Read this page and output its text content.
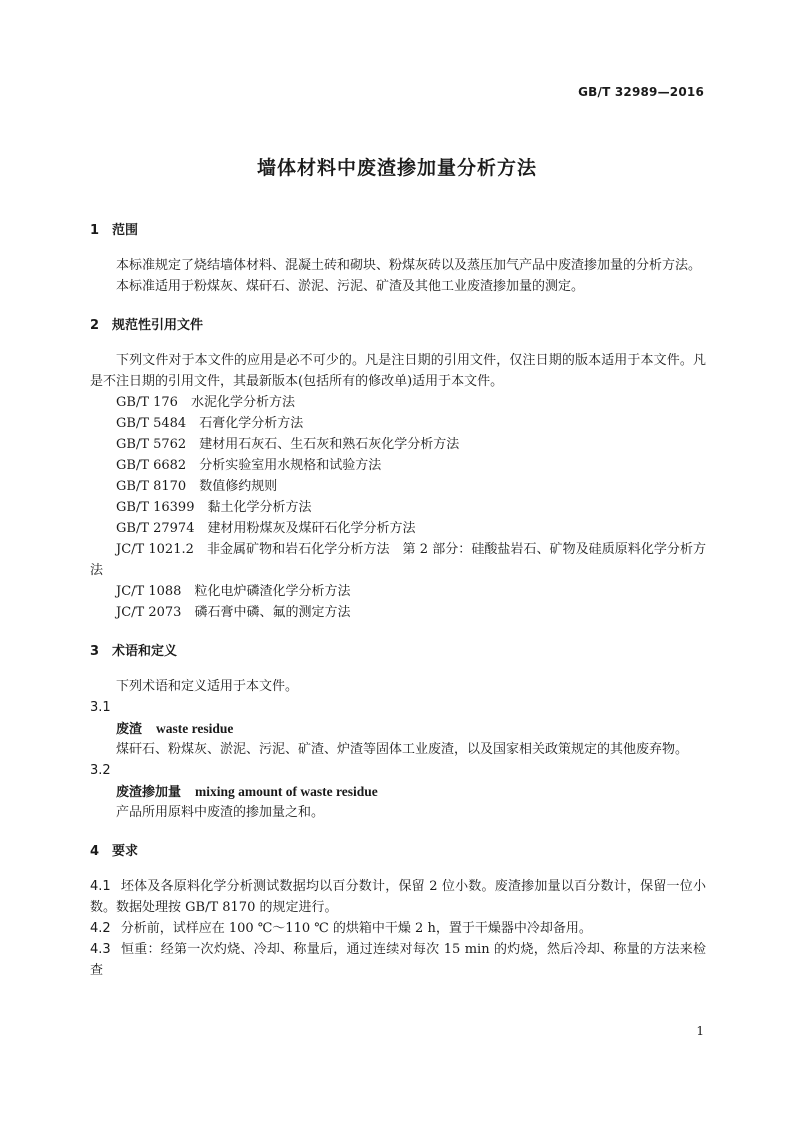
GB/T 32989—2016
墙体材料中废渣掺加量分析方法
1 范围

本标准规定了烧结墙体材料、混凝土砖和砌块、粉煤灰砖以及蒸压加气产品中废渣掺加量的分析方法。

本标准适用于粉煤灰、煤矸石、淤泥、污泥、矿渣及其他工业废渣掺加量的测定。

2 规范性引用文件

下列文件对于本文件的应用是必不可少的。凡是注日期的引用文件，仅注日期的版本适用于本文件。凡是不注日期的引用文件，其最新版本(包括所有的修改单)适用于本文件。

GB/T 176 水泥化学分析方法
GB/T 5484 石膏化学分析方法
GB/T 5762 建材用石灰石、生石灰和熟石灰化学分析方法
GB/T 6682 分析实验室用水规格和试验方法
GB/T 8170 数值修约规则
GB/T 16399 黏土化学分析方法
GB/T 27974 建材用粉煤灰及煤矸石化学分析方法

JC/T 1021.2　非金属矿物和岩石化学分析方法　第 2 部分：硅酸盐岩石、矿物及硅质原料化学分析方法

JC/T 1088 粒化电炉磷渣化学分析方法
JC/T 2073 磷石膏中磷、氟的测定方法
3 术语和定义

下列术语和定义适用于本文件。

3.1
废渣 waste residue

煤矸石、粉煤灰、淤泥、污泥、矿渣、炉渣等固体工业废渣，以及国家相关政策规定的其他废弃物。

3.2
废渣掺加量 mixing amount of waste residue

产品所用原料中废渣的掺加量之和。

4 要求

4.1 坯体及各原料化学分析测试数据均以百分数计，保留 2 位小数。废渣掺加量以百分数计，保留一位小数。数据处理按 GB/T 8170 的规定进行。

4.2 分析前，试样应在 100 ℃～110 ℃ 的烘箱中干燥 2 h，置于干燥器中冷却备用。

4.3 恒重：经第一次灼烧、冷却、称量后，通过连续对每次 15 min 的灼烧，然后冷却、称量的方法来检查

1
